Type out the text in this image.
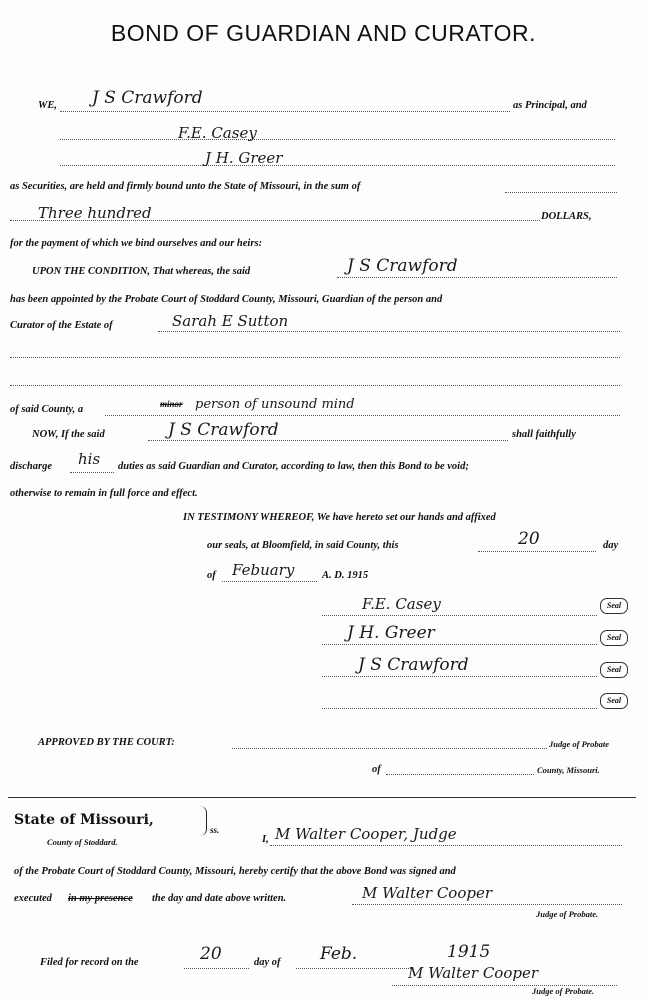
BOND OF GUARDIAN AND CURATOR.
WE, J S Crawford	as Principal, and
F.E. Casey
J H. Greer
as Securities, are held and firmly bound unto the State of Missouri, in the sum of
Three hundred	DOLLARS,
for the payment of which we bind ourselves and our heirs:
UPON THE CONDITION, That whereas, the said	J S Crawford
has been appointed by the Probate Court of Stoddard County, Missouri, Guardian of the person and
Curator of the Estate of	Sarah E Sutton
of said County, a	minor person of unsound mind
NOW, If the said	J S Crawford	shall faithfully
discharge his duties as said Guardian and Curator, according to law, then this Bond to be void;
otherwise to remain in full force and effect.
IN TESTIMONY WHEREOF, We have hereto set our hands and affixed
our seals, at Bloomfield, in said County, this	20	day
of Febuary	A. D. 1915
F.E. Casey	Seal
J H. Greer	Seal
J S Crawford	Seal
Seal
APPROVED BY THE COURT:	Judge of Probate
of	County, Missouri.
State of Missouri,
County of Stoddard.
ss.
I, M Walter Cooper, Judge
of the Probate Court of Stoddard County, Missouri, hereby certify that the above Bond was signed and
executed in my presence the day and date above written.	M Walter Cooper
Judge of Probate.
Filed for record on the	20	day of Feb.	1915
M Walter Cooper
Judge of Probate.
